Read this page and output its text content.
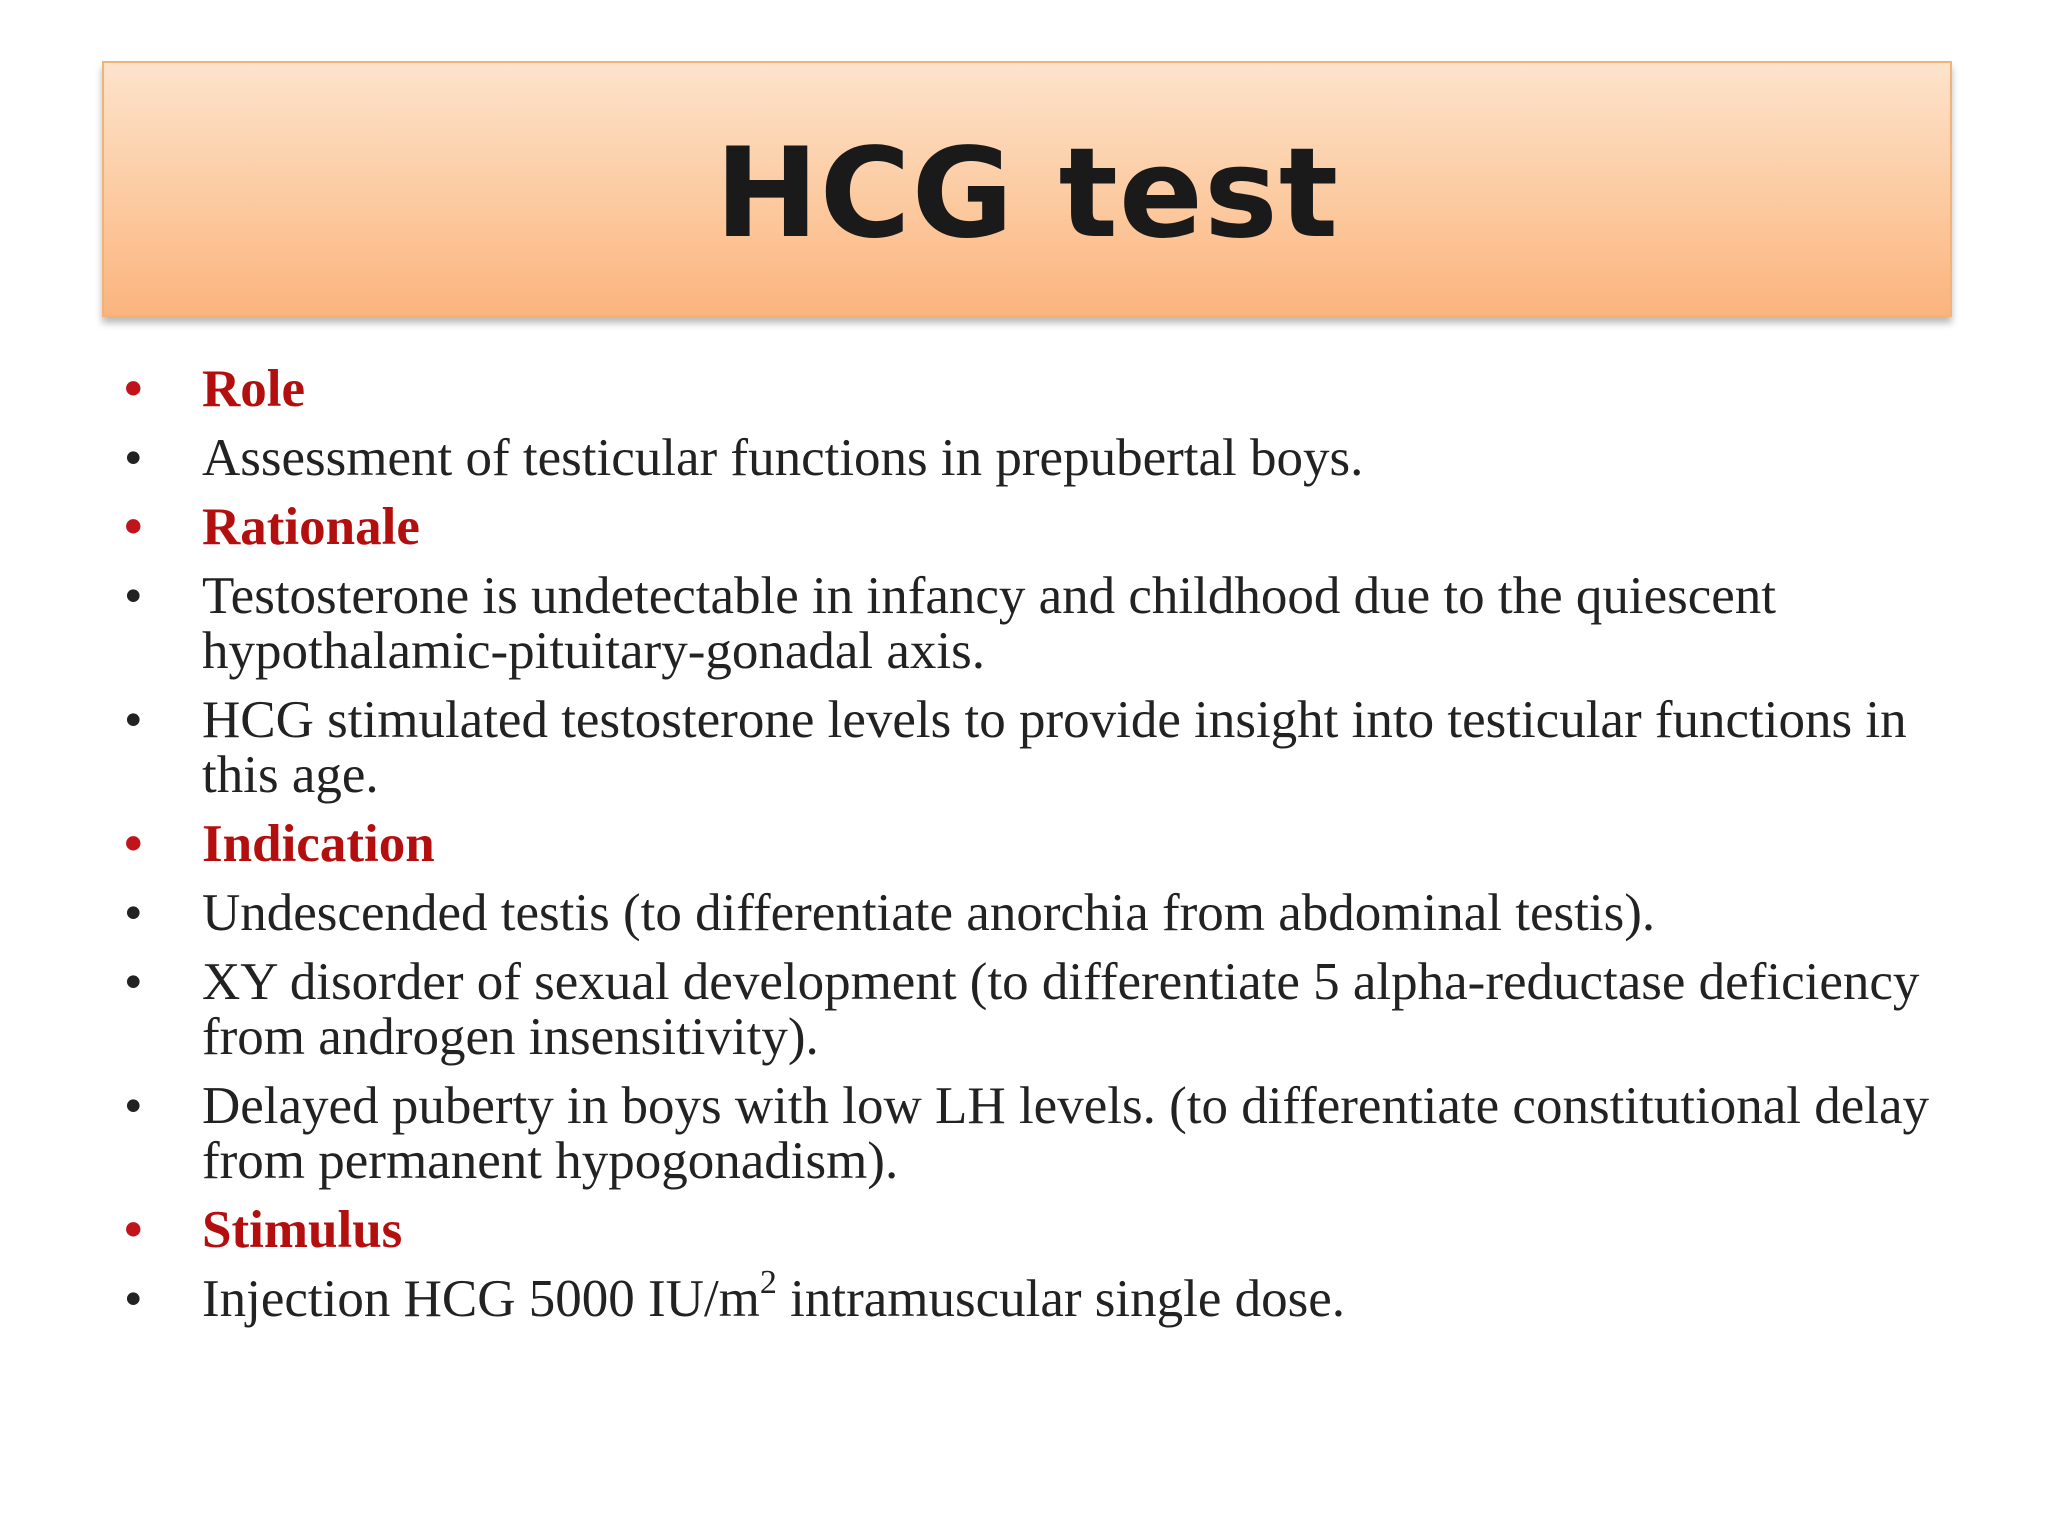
HCG test
• Role
• Assessment of testicular functions in prepubertal boys.
• Rationale
• Testosterone is undetectable in infancy and childhood due to the quiescent hypothalamic-pituitary-gonadal axis.
• HCG stimulated testosterone levels to provide insight into testicular functions in this age.
• Indication
• Undescended testis (to differentiate anorchia from abdominal testis).
• XY disorder of sexual development (to differentiate 5 alpha-reductase deficiency from androgen insensitivity).
• Delayed puberty in boys with low LH levels. (to differentiate constitutional delay from permanent hypogonadism).
• Stimulus
• Injection HCG 5000 $IU/m^2$ intramuscular single dose.
